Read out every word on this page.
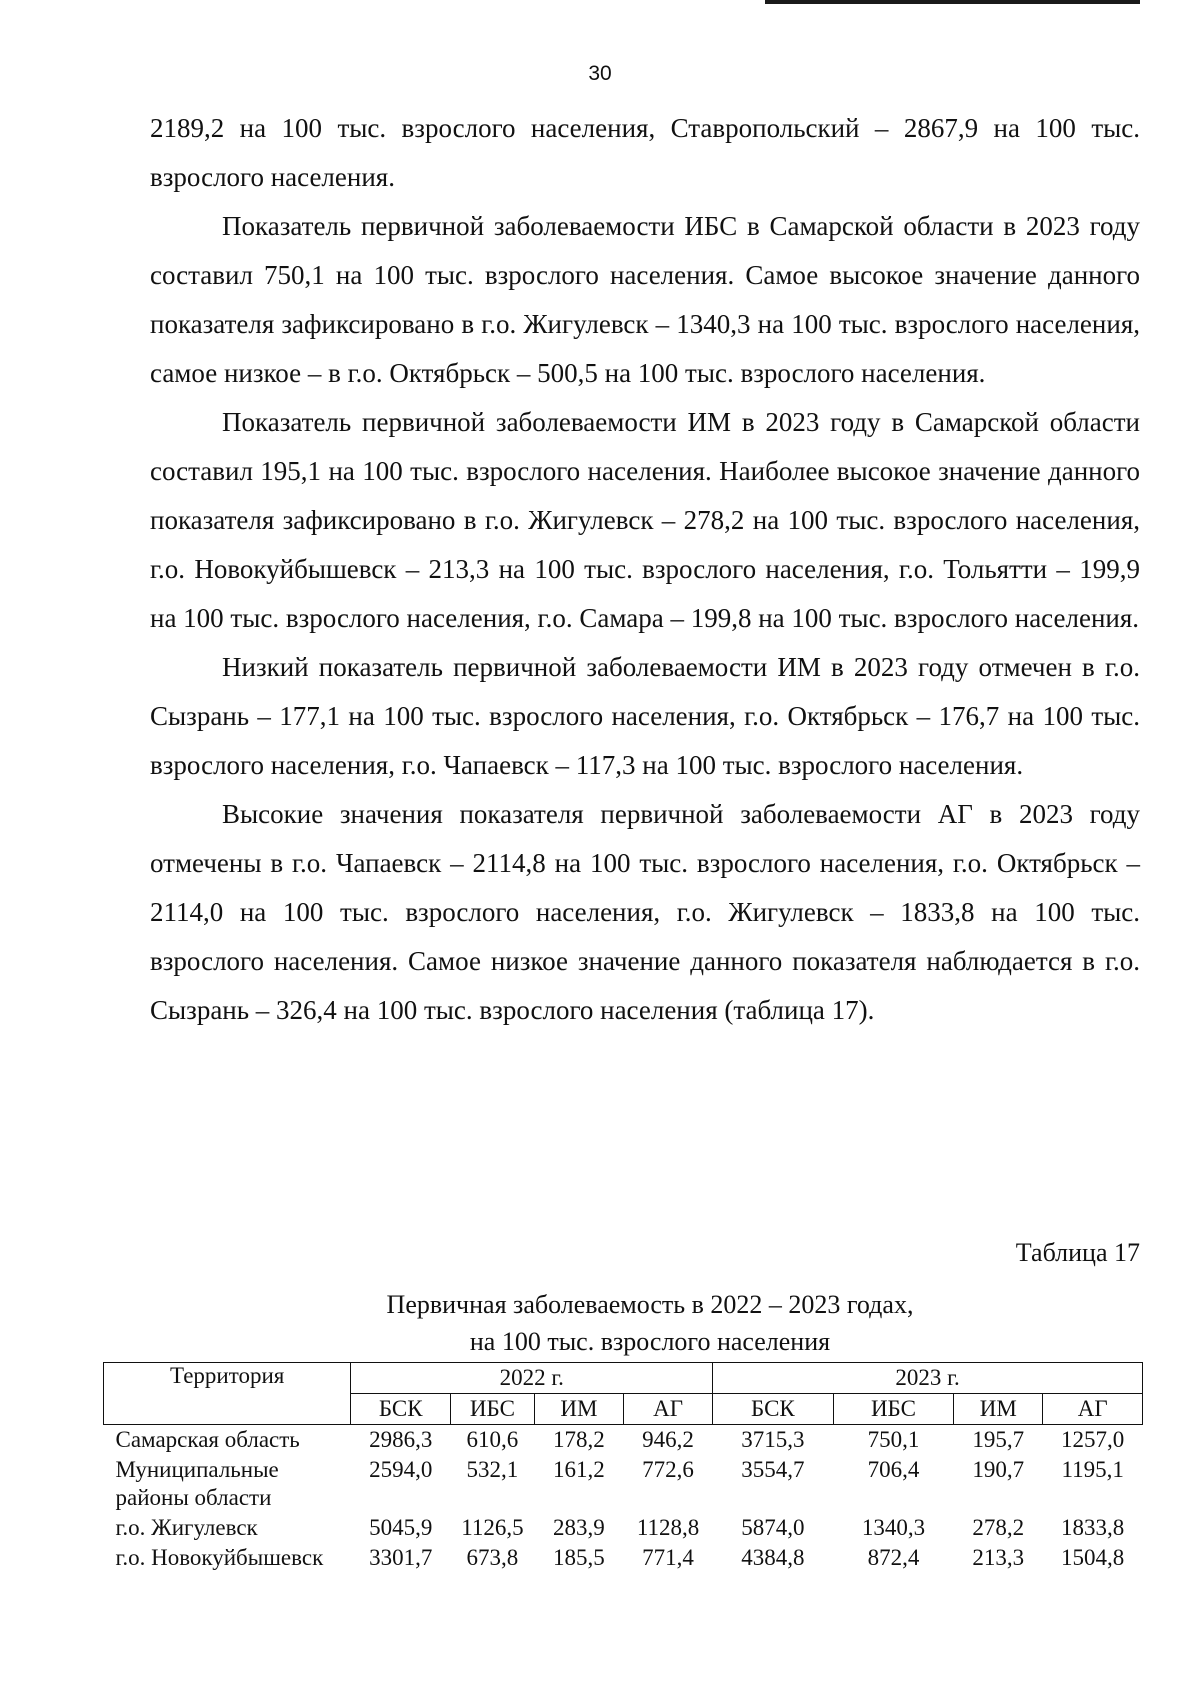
30

2189,2 на 100 тыс. взрослого населения, Ставропольский – 2867,9 на 100 тыс. взрослого населения.

Показатель первичной заболеваемости ИБС в Самарской области в 2023 году составил 750,1 на 100 тыс. взрослого населения. Самое высокое значение данного показателя зафиксировано в г.о. Жигулевск – 1340,3 на 100 тыс. взрослого населения, самое низкое – в г.о. Октябрьск – 500,5 на 100 тыс. взрослого населения.

Показатель первичной заболеваемости ИМ в 2023 году в Самарской области составил 195,1 на 100 тыс. взрослого населения. Наиболее высокое значение данного показателя зафиксировано в г.о. Жигулевск – 278,2 на 100 тыс. взрослого населения, г.о. Новокуйбышевск – 213,3 на 100 тыс. взрослого населения, г.о. Тольятти – 199,9 на 100 тыс. взрослого населения, г.о. Самара – 199,8 на 100 тыс. взрослого населения.

Низкий показатель первичной заболеваемости ИМ в 2023 году отмечен в г.о. Сызрань – 177,1 на 100 тыс. взрослого населения, г.о. Октябрьск – 176,7 на 100 тыс. взрослого населения, г.о. Чапаевск – 117,3 на 100 тыс. взрослого населения.

Высокие значения показателя первичной заболеваемости АГ в 2023 году отмечены в г.о. Чапаевск – 2114,8 на 100 тыс. взрослого населения, г.о. Октябрьск – 2114,0 на 100 тыс. взрослого населения, г.о. Жигулевск – 1833,8 на 100 тыс. взрослого населения. Самое низкое значение данного показателя наблюдается в г.о. Сызрань – 326,4 на 100 тыс. взрослого населения (таблица 17).

Таблица 17
Первичная заболеваемость в 2022 – 2023 годах,
на 100 тыс. взрослого населения
Территория	2022 г.				2023 г.			
	БСК	ИБС	ИМ	АГ	БСК	ИБС	ИМ	АГ
Самарская область	2986,3	610,6	178,2	946,2	3715,3	750,1	195,7	1257,0
Муниципальные районы области	2594,0	532,1	161,2	772,6	3554,7	706,4	190,7	1195,1
г.о. Жигулевск	5045,9	1126,5	283,9	1128,8	5874,0	1340,3	278,2	1833,8
г.о. Новокуйбышевск	3301,7	673,8	185,5	771,4	4384,8	872,4	213,3	1504,8
